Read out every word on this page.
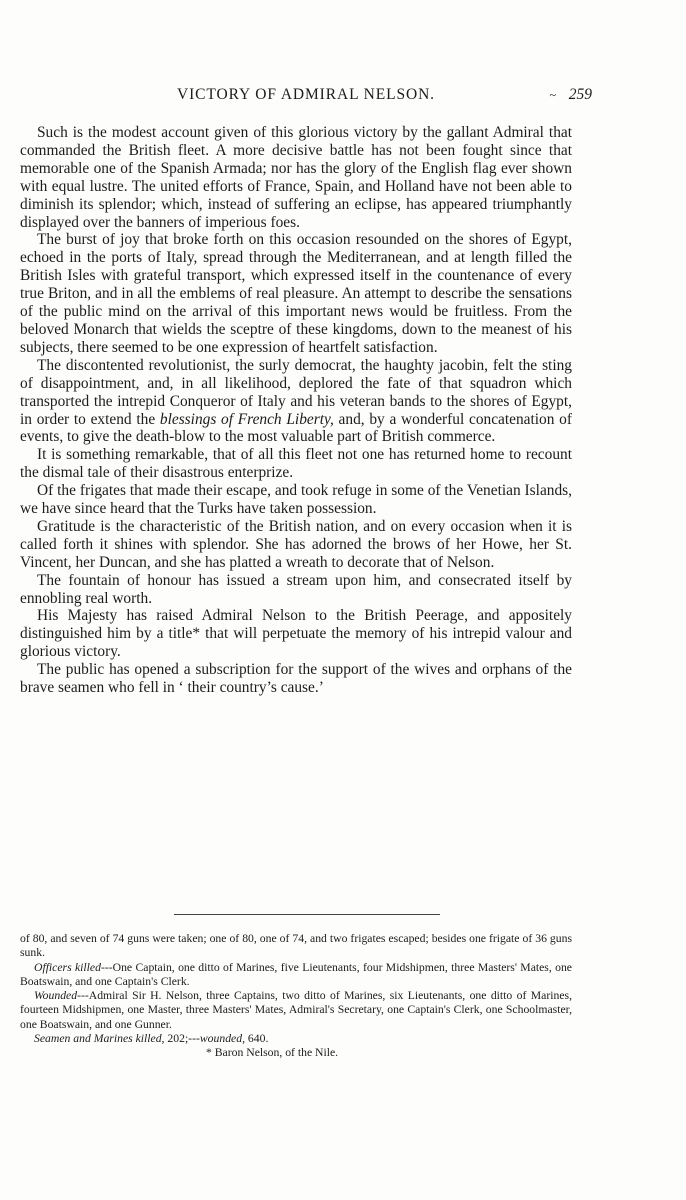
VICTORY OF ADMIRAL NELSON.	~ 259

Such is the modest account given of this glorious victory by the gallant Admiral that commanded the British fleet. A more decisive battle has not been fought since that memorable one of the Spanish Armada; nor has the glory of the English flag ever shown with equal lustre. The united efforts of France, Spain, and Holland have not been able to diminish its splendor; which, instead of suffering an eclipse, has appeared triumphantly displayed over the banners of imperious foes.

The burst of joy that broke forth on this occasion resounded on the shores of Egypt, echoed in the ports of Italy, spread through the Mediterranean, and at length filled the British Isles with grateful transport, which expressed itself in the countenance of every true Briton, and in all the emblems of real pleasure. An attempt to describe the sensations of the public mind on the arrival of this important news would be fruitless. From the beloved Monarch that wields the sceptre of these kingdoms, down to the meanest of his subjects, there seemed to be one expression of heartfelt satisfaction.

The discontented revolutionist, the surly democrat, the haughty jacobin, felt the sting of disappointment, and, in all likelihood, deplored the fate of that squadron which transported the intrepid Conqueror of Italy and his veteran bands to the shores of Egypt, in order to extend the blessings of French Liberty, and, by a wonderful concatenation of events, to give the death-blow to the most valuable part of British commerce.

It is something remarkable, that of all this fleet not one has returned home to recount the dismal tale of their disastrous enterprize.

Of the frigates that made their escape, and took refuge in some of the Venetian Islands, we have since heard that the Turks have taken possession.

Gratitude is the characteristic of the British nation, and on every occasion when it is called forth it shines with splendor. She has adorned the brows of her Howe, her St. Vincent, her Duncan, and she has platted a wreath to decorate that of Nelson.

The fountain of honour has issued a stream upon him, and consecrated itself by ennobling real worth.

His Majesty has raised Admiral Nelson to the British Peerage, and appositely distinguished him by a title* that will perpetuate the memory of his intrepid valour and glorious victory.

The public has opened a subscription for the support of the wives and orphans of the brave seamen who fell in ‘ their country’s cause.’

of 80, and seven of 74 guns were taken; one of 80, one of 74, and two frigates escaped; besides one frigate of 36 guns sunk.

Officers killed---One Captain, one ditto of Marines, five Lieutenants, four Midshipmen, three Masters' Mates, one Boatswain, and one Captain's Clerk.

Wounded---Admiral Sir H. Nelson, three Captains, two ditto of Marines, six Lieutenants, one ditto of Marines, fourteen Midshipmen, one Master, three Masters' Mates, Admiral's Secretary, one Captain's Clerk, one Schoolmaster, one Boatswain, and one Gunner.

Seamen and Marines killed, 202;---wounded, 640.

* Baron Nelson, of the Nile.
